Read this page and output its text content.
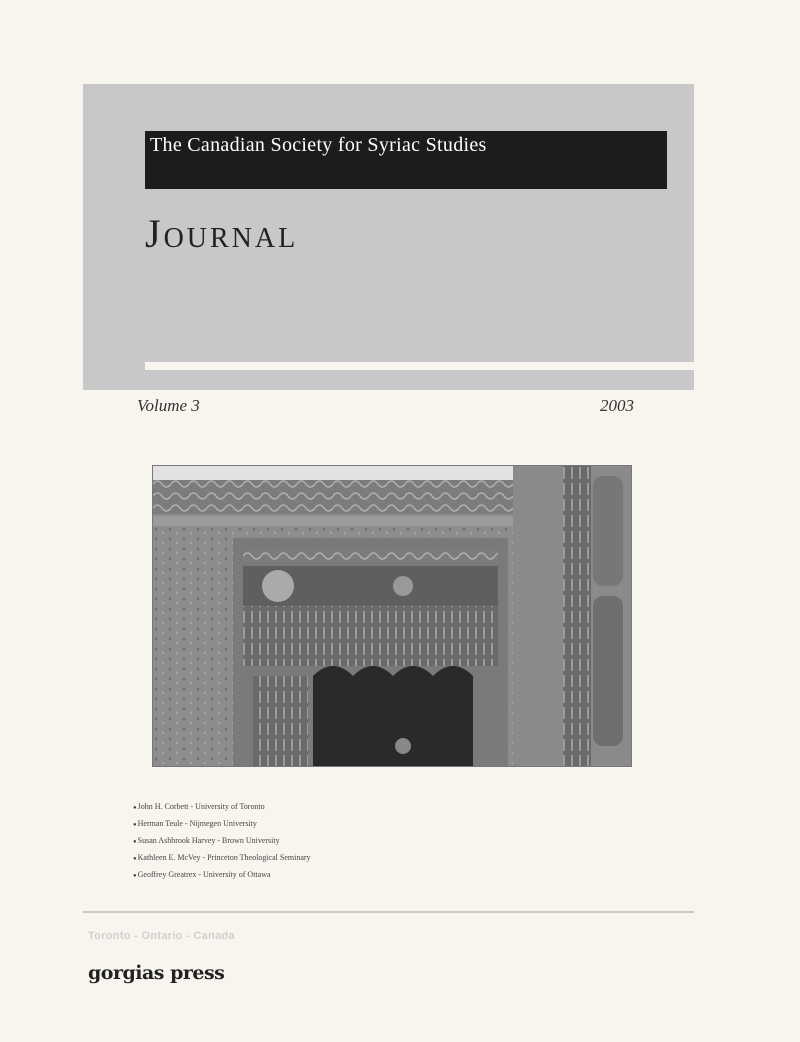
The Canadian Society for Syriac Studies
Journal
Volume 3	2003
● John H. Corbett - University of Toronto
● Herman Teule - Nijmegen University
● Susan Ashbrook Harvey - Brown University
● Kathleen E. McVey - Princeton Theological Seminary
● Geoffrey Greatrex - University of Ottawa
Toronto - Ontario - Canada
gorgias press
